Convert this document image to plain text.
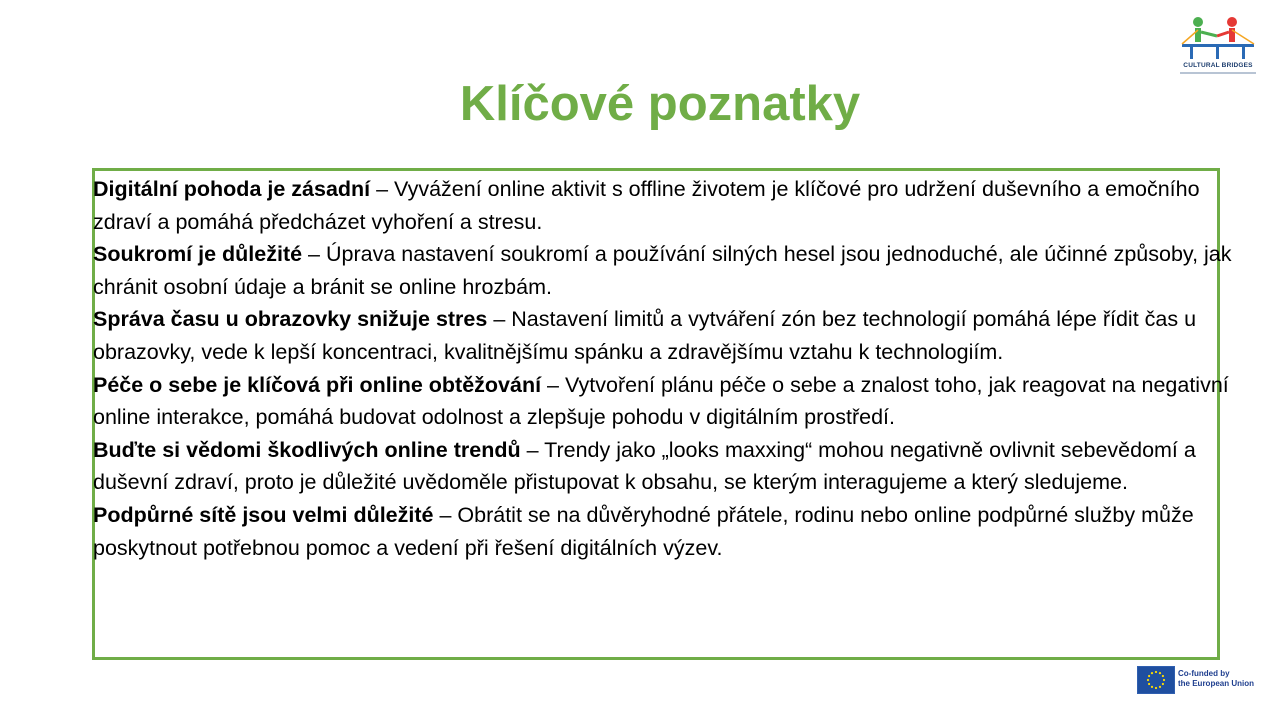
CULTURAL BRIDGES
Klíčové poznatky

Digitální pohoda je zásadní – Vyvážení online aktivit s offline životem je klíčové pro udržení duševního a emočního zdraví a pomáhá předcházet vyhoření a stresu.

Soukromí je důležité – Úprava nastavení soukromí a používání silných hesel jsou jednoduché, ale účinné způsoby, jak chránit osobní údaje a bránit se online hrozbám.

Správa času u obrazovky snižuje stres – Nastavení limitů a vytváření zón bez technologií pomáhá lépe řídit čas u obrazovky, vede k lepší koncentraci, kvalitnějšímu spánku a zdravějšímu vztahu k technologiím.

Péče o sebe je klíčová při online obtěžování – Vytvoření plánu péče o sebe a znalost toho, jak reagovat na negativní online interakce, pomáhá budovat odolnost a zlepšuje pohodu v digitálním prostředí.

Buďte si vědomi škodlivých online trendů – Trendy jako „looks maxxing“ mohou negativně ovlivnit sebevědomí a duševní zdraví, proto je důležité uvědoměle přistupovat k obsahu, se kterým interagujeme a který sledujeme.

Podpůrné sítě jsou velmi důležité – Obrátit se na důvěryhodné přátele, rodinu nebo online podpůrné služby může poskytnout potřebnou pomoc a vedení při řešení digitálních výzev.

Co-funded by
the European Union
